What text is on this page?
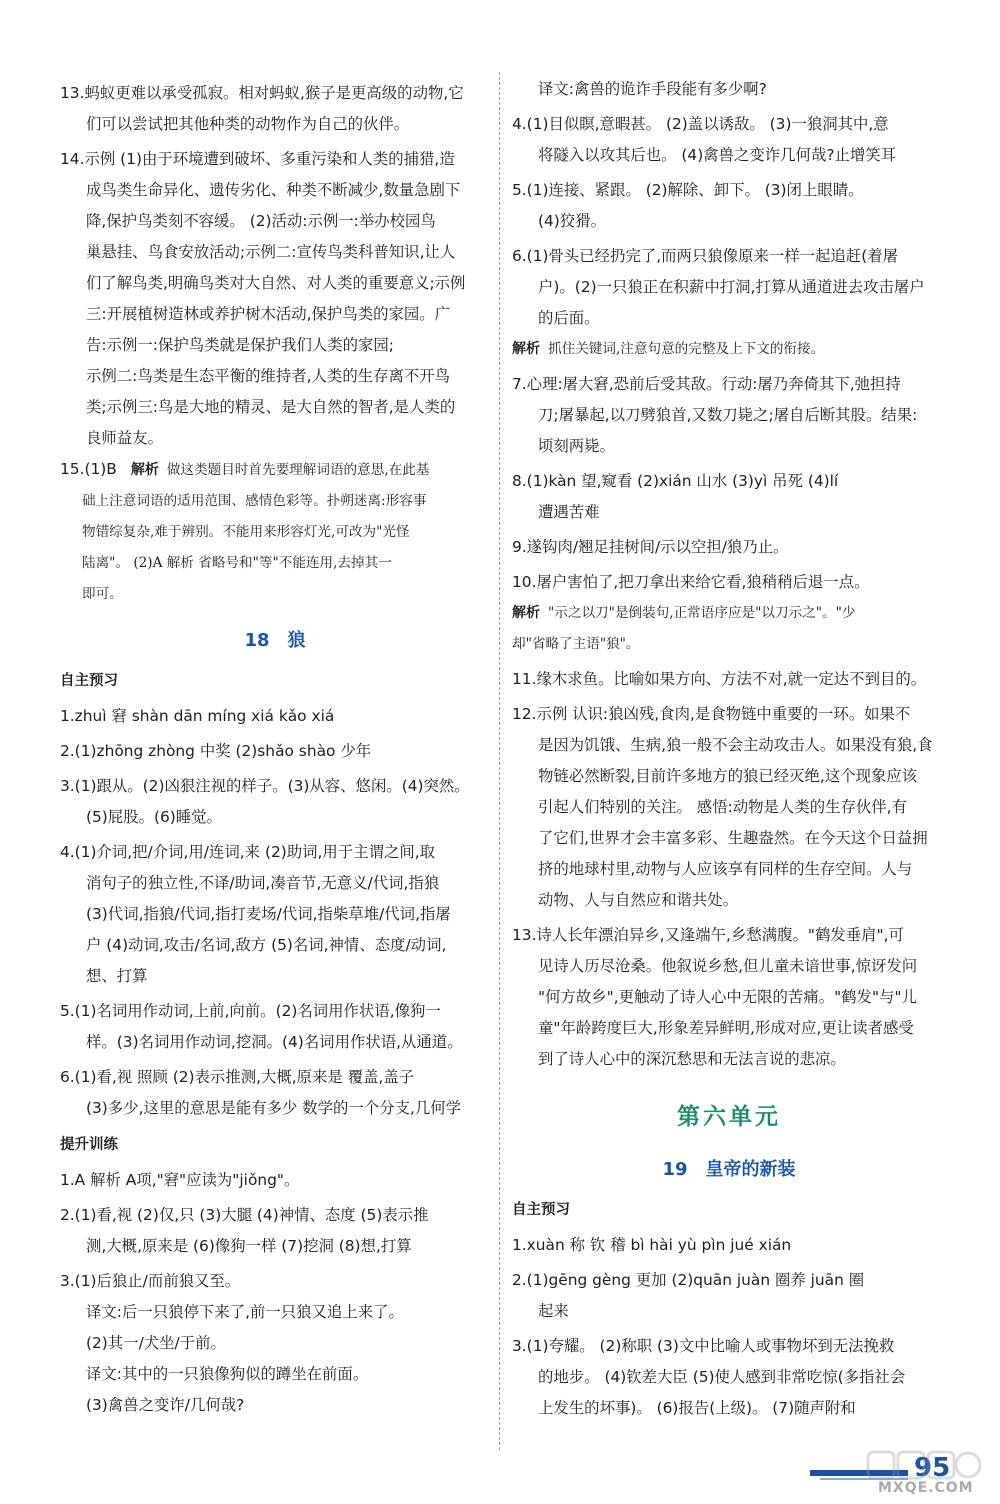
13.蚂蚁更难以承受孤寂。相对蚂蚁,猴子是更高级的动物,它

们可以尝试把其他种类的动物作为自己的伙伴。

14.示例 (1)由于环境遭到破坏、多重污染和人类的捕猎,造

成鸟类生命异化、遗传劣化、种类不断减少,数量急剧下

降,保护鸟类刻不容缓。 (2)活动:示例一:举办校园鸟

巢悬挂、鸟食安放活动;示例二:宣传鸟类科普知识,让人

们了解鸟类,明确鸟类对大自然、对人类的重要意义;示例

三:开展植树造林或养护树木活动,保护鸟类的家园。广

告:示例一:保护鸟类就是保护我们人类的家园;

示例二:鸟类是生态平衡的维持者,人类的生存离不开鸟

类;示例三:鸟是大地的精灵、是大自然的智者,是人类的

良师益友。

15.(1)B 解析 做这类题目时首先要理解词语的意思,在此基

础上注意词语的适用范围、感情色彩等。扑朔迷离:形容事

物错综复杂,难于辨别。不能用来形容灯光,可改为"光怪

陆离"。 (2)A 解析 省略号和"等"不能连用,去掉其一

即可。

18 狼
自主预习

1.zhuì 窘 shàn dān míng xiá kǎo xiá

2.(1)zhōng zhòng 中奖 (2)shǎo shào 少年

3.(1)跟从。(2)凶狠注视的样子。(3)从容、悠闲。(4)突然。

(5)屁股。(6)睡觉。

4.(1)介词,把/介词,用/连词,来 (2)助词,用于主谓之间,取

消句子的独立性,不译/助词,凑音节,无意义/代词,指狼

(3)代词,指狼/代词,指打麦场/代词,指柴草堆/代词,指屠

户 (4)动词,攻击/名词,敌方 (5)名词,神情、态度/动词,

想、打算

5.(1)名词用作动词,上前,向前。(2)名词用作状语,像狗一

样。(3)名词用作动词,挖洞。(4)名词用作状语,从通道。

6.(1)看,视 照顾 (2)表示推测,大概,原来是 覆盖,盖子

(3)多少,这里的意思是能有多少 数学的一个分支,几何学

提升训练

1.A 解析 A项,"窘"应读为"jiǒng"。

2.(1)看,视 (2)仅,只 (3)大腿 (4)神情、态度 (5)表示推

测,大概,原来是 (6)像狗一样 (7)挖洞 (8)想,打算

3.(1)后狼止/而前狼又至。

译文:后一只狼停下来了,前一只狼又追上来了。

(2)其一/犬坐/于前。

译文:其中的一只狼像狗似的蹲坐在前面。

(3)禽兽之变诈/几何哉?

译文:禽兽的诡诈手段能有多少啊?

4.(1)目似瞑,意暇甚。 (2)盖以诱敌。 (3)一狼洞其中,意

将隧入以攻其后也。 (4)禽兽之变诈几何哉?止增笑耳

5.(1)连接、紧跟。 (2)解除、卸下。 (3)闭上眼睛。

(4)狡猾。

6.(1)骨头已经扔完了,而两只狼像原来一样一起追赶(着屠

户)。(2)一只狼正在积薪中打洞,打算从通道进去攻击屠户

的后面。

解析 抓住关键词,注意句意的完整及上下文的衔接。

7.心理:屠大窘,恐前后受其敌。行动:屠乃奔倚其下,弛担持

刀;屠暴起,以刀劈狼首,又数刀毙之;屠自后断其股。结果:

顷刻两毙。

8.(1)kàn 望,窥看 (2)xián 山水 (3)yì 吊死 (4)lí

遭遇苦难

9.遂钩肉/翘足挂树间/示以空担/狼乃止。

10.屠户害怕了,把刀拿出来给它看,狼稍稍后退一点。

解析 "示之以刀"是倒装句,正常语序应是"以刀示之"。"少

却"省略了主语"狼"。

11.缘木求鱼。比喻如果方向、方法不对,就一定达不到目的。

12.示例 认识:狼凶残,食肉,是食物链中重要的一环。如果不

是因为饥饿、生病,狼一般不会主动攻击人。如果没有狼,食

物链必然断裂,目前许多地方的狼已经灭绝,这个现象应该

引起人们特别的关注。 感悟:动物是人类的生存伙伴,有

了它们,世界才会丰富多彩、生趣盎然。在今天这个日益拥

挤的地球村里,动物与人应该享有同样的生存空间。人与

动物、人与自然应和谐共处。

13.诗人长年漂泊异乡,又逢端午,乡愁满腹。"鹤发垂肩",可

见诗人历尽沧桑。他叙说乡愁,但儿童未谙世事,惊讶发问

"何方故乡",更触动了诗人心中无限的苦痛。"鹤发"与"儿

童"年龄跨度巨大,形象差异鲜明,形成对应,更让读者感受

到了诗人心中的深沉愁思和无法言说的悲凉。

第六单元
19 皇帝的新装
自主预习

1.xuàn 称 钦 稽 bì hài yù pìn jué xián

2.(1)gēng gèng 更加 (2)quān juàn 圈养 juān 圈

起来

3.(1)夸耀。 (2)称职 (3)文中比喻人或事物坏到无法挽救

的地步。 (4)钦差大臣 (5)使人感到非常吃惊(多指社会

上发生的坏事)。 (6)报告(上级)。 (7)随声附和

95
MXQE.COM
